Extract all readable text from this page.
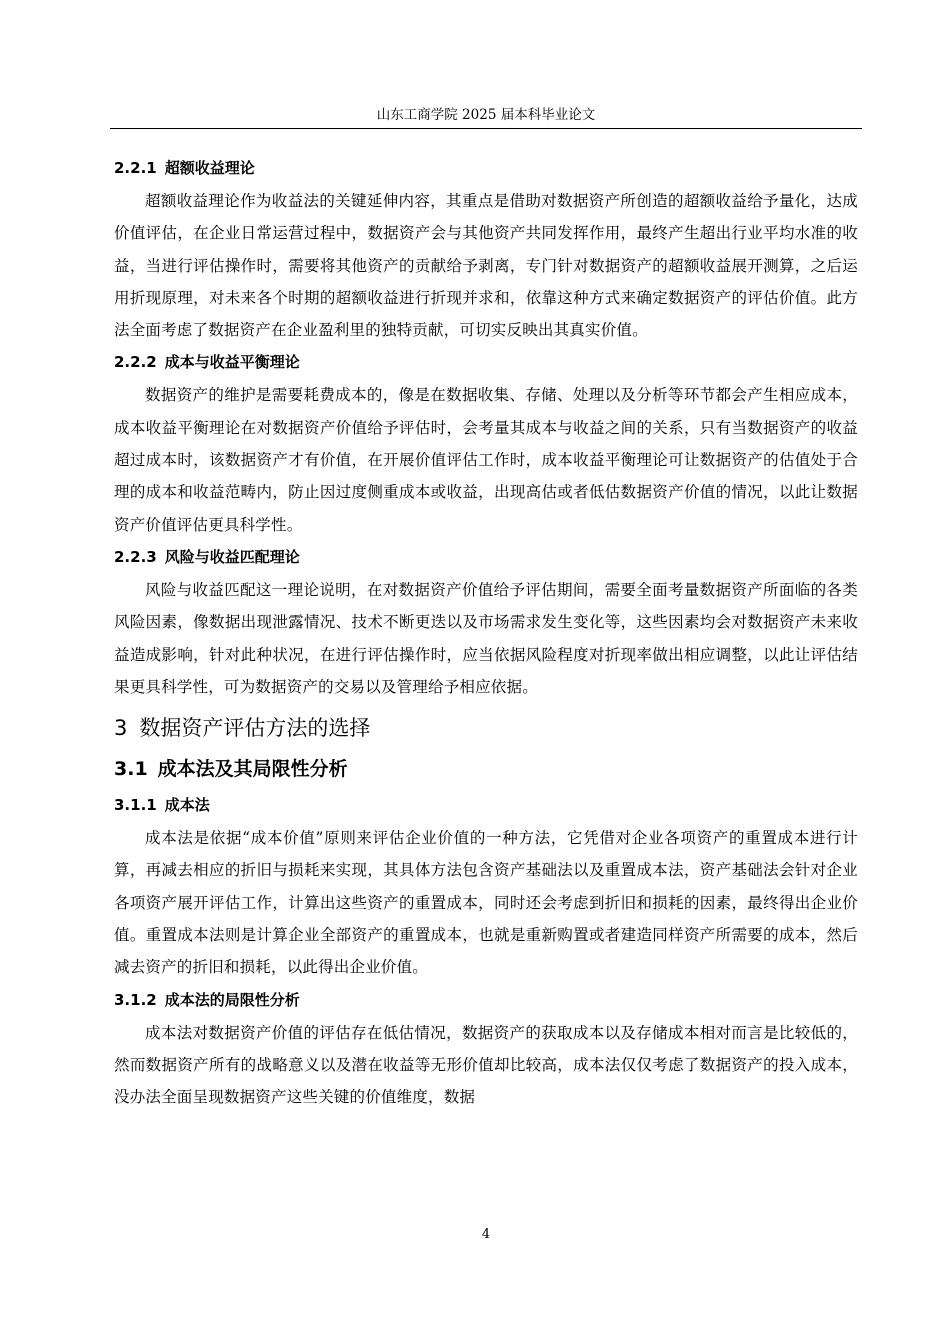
山东工商学院 2025 届本科毕业论文
2.2.1 超额收益理论
超额收益理论作为收益法的关键延伸内容，其重点是借助对数据资产所创造的超额收益给予量化，达成价值评估，在企业日常运营过程中，数据资产会与其他资产共同发挥作用，最终产生超出行业平均水准的收益，当进行评估操作时，需要将其他资产的贡献给予剥离，专门针对数据资产的超额收益展开测算，之后运用折现原理，对未来各个时期的超额收益进行折现并求和，依靠这种方式来确定数据资产的评估价值。此方法全面考虑了数据资产在企业盈利里的独特贡献，可切实反映出其真实价值。
2.2.2 成本与收益平衡理论
数据资产的维护是需要耗费成本的，像是在数据收集、存储、处理以及分析等环节都会产生相应成本，成本收益平衡理论在对数据资产价值给予评估时，会考量其成本与收益之间的关系，只有当数据资产的收益超过成本时，该数据资产才有价值，在开展价值评估工作时，成本收益平衡理论可让数据资产的估值处于合理的成本和收益范畴内，防止因过度侧重成本或收益，出现高估或者低估数据资产价值的情况，以此让数据资产价值评估更具科学性。
2.2.3 风险与收益匹配理论
风险与收益匹配这一理论说明，在对数据资产价值给予评估期间，需要全面考量数据资产所面临的各类风险因素，像数据出现泄露情况、技术不断更迭以及市场需求发生变化等，这些因素均会对数据资产未来收益造成影响，针对此种状况，在进行评估操作时，应当依据风险程度对折现率做出相应调整，以此让评估结果更具科学性，可为数据资产的交易以及管理给予相应依据。
3 数据资产评估方法的选择
3.1 成本法及其局限性分析
3.1.1 成本法
成本法是依据“成本价值”原则来评估企业价值的一种方法，它凭借对企业各项资产的重置成本进行计算，再减去相应的折旧与损耗来实现，其具体方法包含资产基础法以及重置成本法，资产基础法会针对企业各项资产展开评估工作，计算出这些资产的重置成本，同时还会考虑到折旧和损耗的因素，最终得出企业价值。重置成本法则是计算企业全部资产的重置成本，也就是重新购置或者建造同样资产所需要的成本，然后减去资产的折旧和损耗，以此得出企业价值。
3.1.2 成本法的局限性分析
成本法对数据资产价值的评估存在低估情况，数据资产的获取成本以及存储成本相对而言是比较低的，然而数据资产所有的战略意义以及潜在收益等无形价值却比较高，成本法仅仅考虑了数据资产的投入成本，没办法全面呈现数据资产这些关键的价值维度，数据
4
